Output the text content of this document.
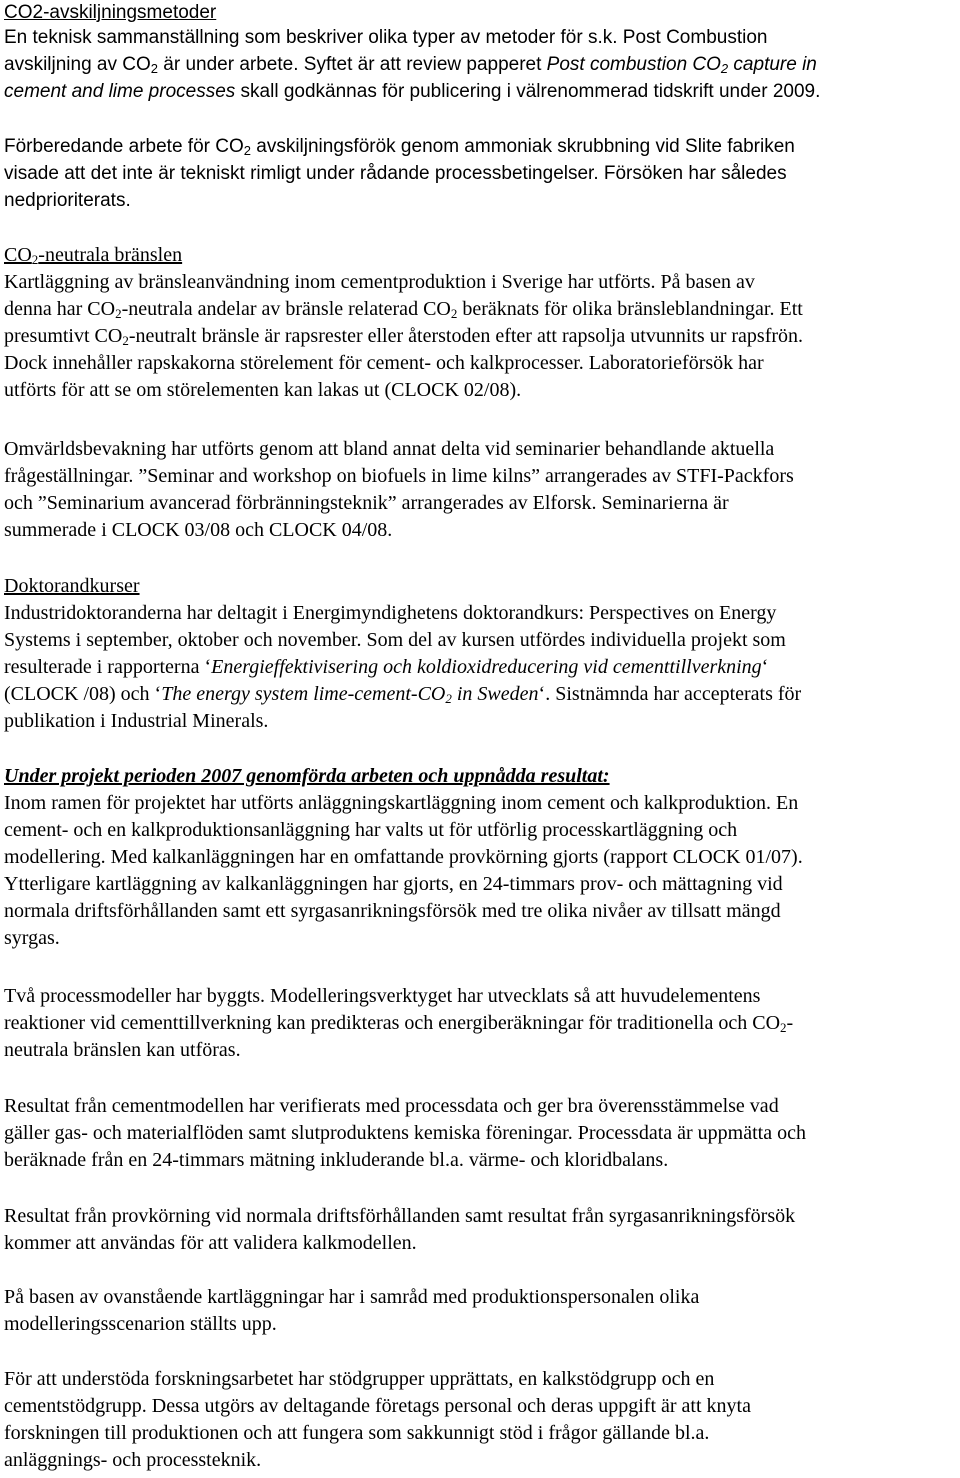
CO2-avskiljningsmetoder
En teknisk sammanställning som beskriver olika typer av metoder för s.k. Post Combustion
avskiljning av $CO_2$ är under arbete. Syftet är att review papperet Post combustion $CO_2$ capture in
cement and lime processes skall godkännas för publicering i välrenommerad tidskrift under 2009.
Förberedande arbete för $CO_2$ avskiljningsförök genom ammoniak skrubbning vid Slite fabriken
visade att det inte är tekniskt rimligt under rådande processbetingelser. Försöken har således
nedprioriterats.
$CO_2$-neutrala bränslen
Kartläggning av bränsleanvändning inom cementproduktion i Sverige har utförts. På basen av
denna har $CO_2$-neutrala andelar av bränsle relaterad $CO_2$ beräknats för olika bränsleblandningar. Ett
presumtivt $CO_2$-neutralt bränsle är rapsrester eller återstoden efter att rapsolja utvunnits ur rapsfrön.
Dock innehåller rapskakorna störelement för cement- och kalkprocesser. Laboratorieförsök har
utförts för att se om störelementen kan lakas ut (CLOCK 02/08).
Omvärldsbevakning har utförts genom att bland annat delta vid seminarier behandlande aktuella
frågeställningar. ”Seminar and workshop on biofuels in lime kilns” arrangerades av STFI-Packfors
och ”Seminarium avancerad förbränningsteknik” arrangerades av Elforsk. Seminarierna är
summerade i CLOCK 03/08 och CLOCK 04/08.
Doktorandkurser
Industridoktoranderna har deltagit i Energimyndighetens doktorandkurs: Perspectives on Energy
Systems i september, oktober och november. Som del av kursen utfördes individuella projekt som
resulterade i rapporterna ‘Energieffektivisering och koldioxidreducering vid cementtillverkning‘
(CLOCK /08) och ‘The energy system lime-$cement-CO_2$ in Sweden‘. Sistnämnda har accepterats för
publikation i Industrial Minerals.
Under projekt perioden 2007 genomförda arbeten och uppnådda resultat:
Inom ramen för projektet har utförts anläggningskartläggning inom cement och kalkproduktion. En
cement- och en kalkproduktionsanläggning har valts ut för utförlig processkartläggning och
modellering. Med kalkanläggningen har en omfattande provkörning gjorts (rapport CLOCK 01/07).
Ytterligare kartläggning av kalkanläggningen har gjorts, en 24-timmars prov- och mättagning vid
normala driftsförhållanden samt ett syrgasanrikningsförsök med tre olika nivåer av tillsatt mängd
syrgas.
Två processmodeller har byggts. Modelleringsverktyget har utvecklats så att huvudelementens
reaktioner vid cementtillverkning kan predikteras och energiberäkningar för traditionella och $CO_2-$
neutrala bränslen kan utföras.
Resultat från cementmodellen har verifierats med processdata och ger bra överensstämmelse vad
gäller gas- och materialflöden samt slutproduktens kemiska föreningar. Processdata är uppmätta och
beräknade från en 24-timmars mätning inkluderande bl.a. värme- och kloridbalans.
Resultat från provkörning vid normala driftsförhållanden samt resultat från syrgasanrikningsförsök
kommer att användas för att validera kalkmodellen.
På basen av ovanstående kartläggningar har i samråd med produktionspersonalen olika
modelleringsscenarion ställts upp.
För att understöda forskningsarbetet har stödgrupper upprättats, en kalkstödgrupp och en
cementstödgrupp. Dessa utgörs av deltagande företags personal och deras uppgift är att knyta
forskningen till produktionen och att fungera som sakkunnigt stöd i frågor gällande bl.a.
anläggnings- och processteknik.
